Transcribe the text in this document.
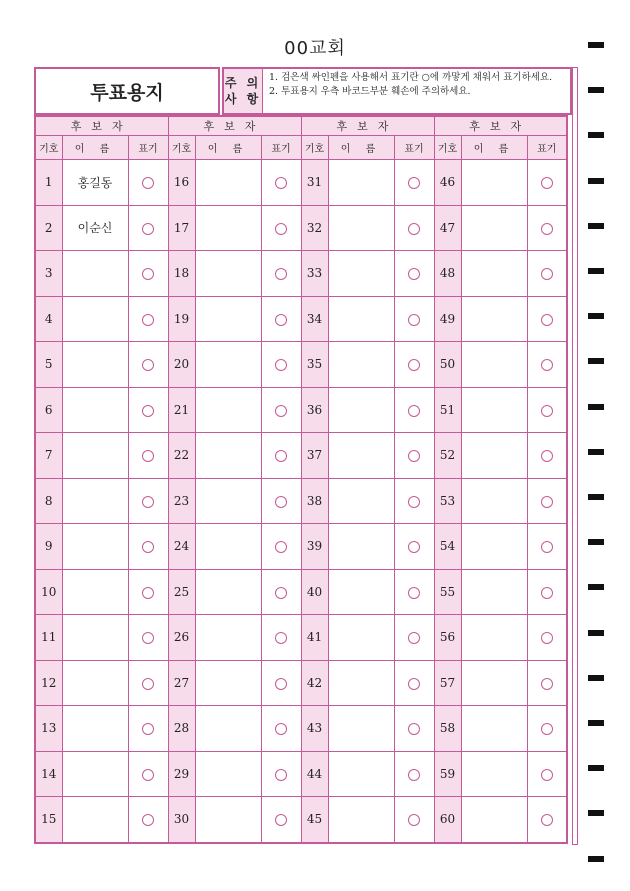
00교회
투표용지	주 의
사 항
1. 검은색 싸인펜을 사용해서 표기란 ○에 까맣게 채워서 표기하세요.
2. 투표용지 우측 바코드부분 훼손에 주의하세요.
후보자			후보자			후보자			후보자		
기호	이 름	표기	기호	이 름	표기	기호	이 름	표기	기호	이 름	표기
1	홍길동		16			31			46		
2	이순신		17			32			47		
3			18			33			48		
4			19			34			49		
5			20			35			50		
6			21			36			51		
7			22			37			52		
8			23			38			53		
9			24			39			54		
10			25			40			55		
11			26			41			56		
12			27			42			57		
13			28			43			58		
14			29			44			59		
15			30			45			60		
